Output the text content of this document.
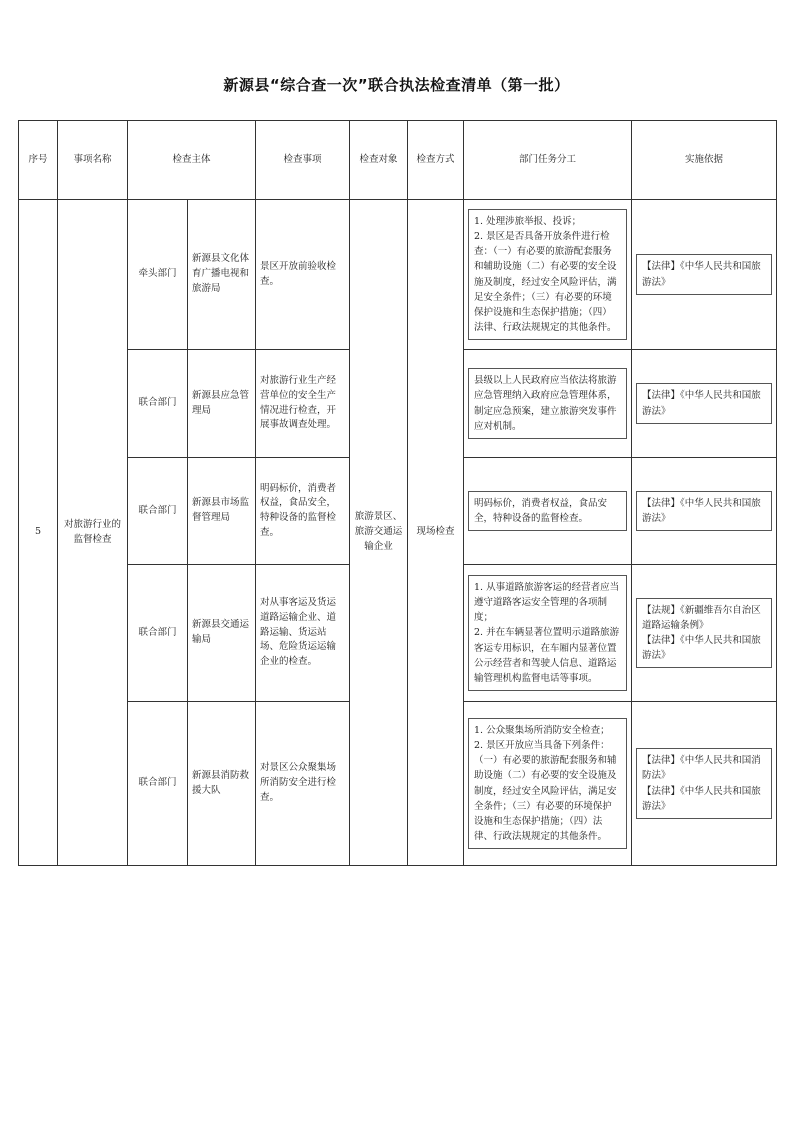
新源县“综合查一次”联合执法检查清单（第一批）
序号	事项名称	检查主体		检查事项	检查对象	检查方式	部门任务分工	实施依据
5	对旅游行业的监督检查	牵头部门	新源县文化体育广播电视和旅游局	景区开放前验收检查。	旅游景区、旅游交通运输企业	现场检查	1. 处理涉旅举报、投诉；
2. 景区是否具备开放条件进行检查：（一）有必要的旅游配套服务和辅助设施（二）有必要的安全设施及制度，经过安全风险评估，满足安全条件；（三）有必要的环境保护设施和生态保护措施；（四）法律、行政法规规定的其他条件。	【法律】《中华人民共和国旅游法》

		联合部门	新源县应急管理局	对旅游行业生产经营单位的安全生产情况进行检查，开展事故调查处理。			县级以上人民政府应当依法将旅游应急管理纳入政府应急管理体系，制定应急预案，建立旅游突发事件应对机制。	【法律】《中华人民共和国旅游法》

		联合部门	新源县市场监督管理局	明码标价，消费者权益，食品安全，特种设备的监督检查。			明码标价，消费者权益，食品安全，特种设备的监督检查。	【法律】《中华人民共和国旅游法》

		联合部门	新源县交通运输局	对从事客运及货运道路运输企业、道路运输、货运站场、危险货运运输企业的检查。			1. 从事道路旅游客运的经营者应当遵守道路客运安全管理的各项制度；
2. 并在车辆显著位置明示道路旅游客运专用标识，在车厢内显著位置公示经营者和驾驶人信息、道路运输管理机构监督电话等事项。	【法规】《新疆维吾尔自治区道路运输条例》
【法律】《中华人民共和国旅游法》

		联合部门	新源县消防救援大队	对景区公众聚集场所消防安全进行检查。			1. 公众聚集场所消防安全检查；
2. 景区开放应当具备下列条件：（一）有必要的旅游配套服务和辅助设施（二）有必要的安全设施及制度，经过安全风险评估，满足安全条件；（三）有必要的环境保护设施和生态保护措施；（四）法律、行政法规规定的其他条件。	【法律】《中华人民共和国消防法》
【法律】《中华人民共和国旅游法》
